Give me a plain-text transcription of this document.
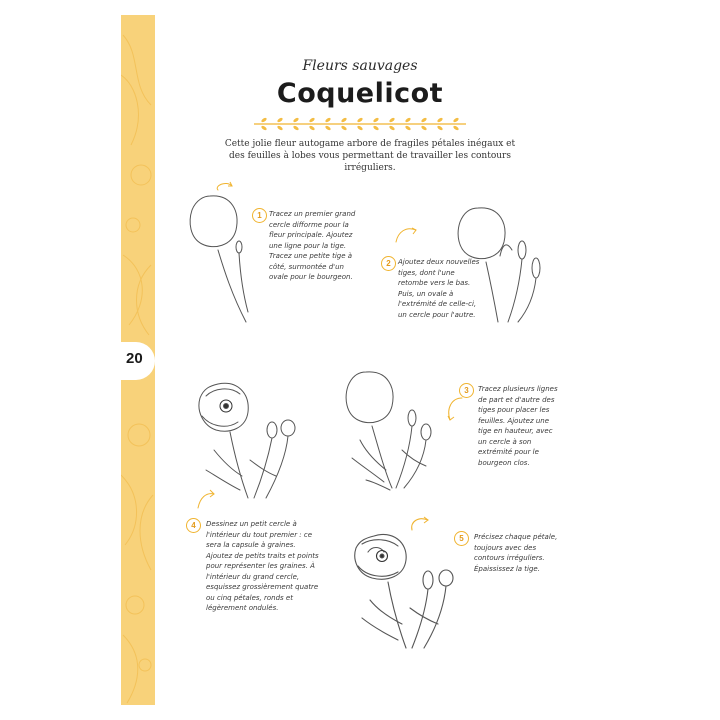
20
Fleurs sauvages
Coquelicot
Cette jolie fleur autogame arbore de fragiles pétales inégaux et des feuilles à lobes vous permettant de travailler les contours irréguliers.
1	Tracez un premier grand cercle difforme pour la fleur principale. Ajoutez une ligne pour la tige. Tracez une petite tige à côté, surmontée d'un ovale pour le bourgeon.
2	Ajoutez deux nouvelles tiges, dont l'une retombe vers le bas. Puis, un ovale à l'extrémité de celle-ci, un cercle pour l'autre.
3	Tracez plusieurs lignes de part et d'autre des tiges pour placer les feuilles. Ajoutez une tige en hauteur, avec un cercle à son extrémité pour le bourgeon clos.
4	Dessinez un petit cercle à l'intérieur du tout premier : ce sera la capsule à graines. Ajoutez de petits traits et points pour représenter les graines. À l'intérieur du grand cercle, esquissez grossièrement quatre ou cinq pétales, ronds et légèrement ondulés.
5	Précisez chaque pétale, toujours avec des contours irréguliers. Épaississez la tige.
